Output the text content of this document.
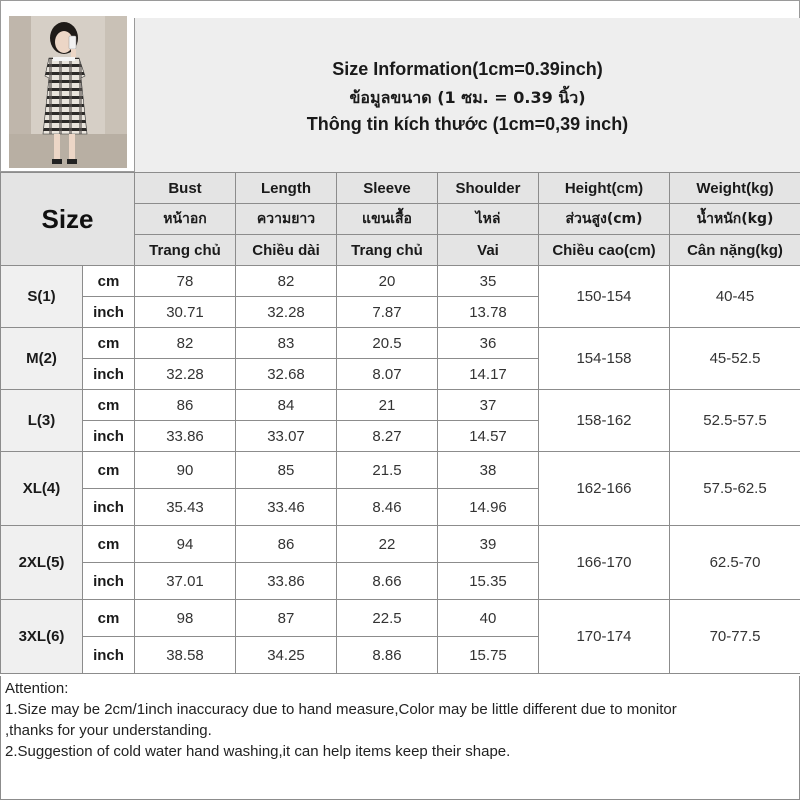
Size Information(1cm=0.39inch)
ข้อมูลขนาด (1 ซม. = 0.39 นิ้ว)
Thông tin kích thước (1cm=0,39 inch)
Size		Bust	Length	Sleeve	Shoulder	Height(cm)	Weight(kg)
		หน้าอก	ความยาว	แขนเสื้อ	ไหล่	ส่วนสูง(cm)	น้ำหนัก(kg)
		Trang chủ	Chiều dài	Trang chủ	Vai	Chiều cao(cm)	Cân nặng(kg)
S(1)	cm	78	82	20	35	150-154	40-45
	inch	30.71	32.28	7.87	13.78		
M(2)	cm	82	83	20.5	36	154-158	45-52.5
	inch	32.28	32.68	8.07	14.17		
L(3)	cm	86	84	21	37	158-162	52.5-57.5
	inch	33.86	33.07	8.27	14.57		
XL(4)	cm	90	85	21.5	38	162-166	57.5-62.5
	inch	35.43	33.46	8.46	14.96		
2XL(5)	cm	94	86	22	39	166-170	62.5-70
	inch	37.01	33.86	8.66	15.35		
3XL(6)	cm	98	87	22.5	40	170-174	70-77.5
	inch	38.58	34.25	8.86	15.75		
Attention:
1.Size may be 2cm/1inch inaccuracy due to hand measure,Color may be little different due to monitor
,thanks for your understanding.
2.Suggestion of cold water hand washing,it can help items keep their shape.
